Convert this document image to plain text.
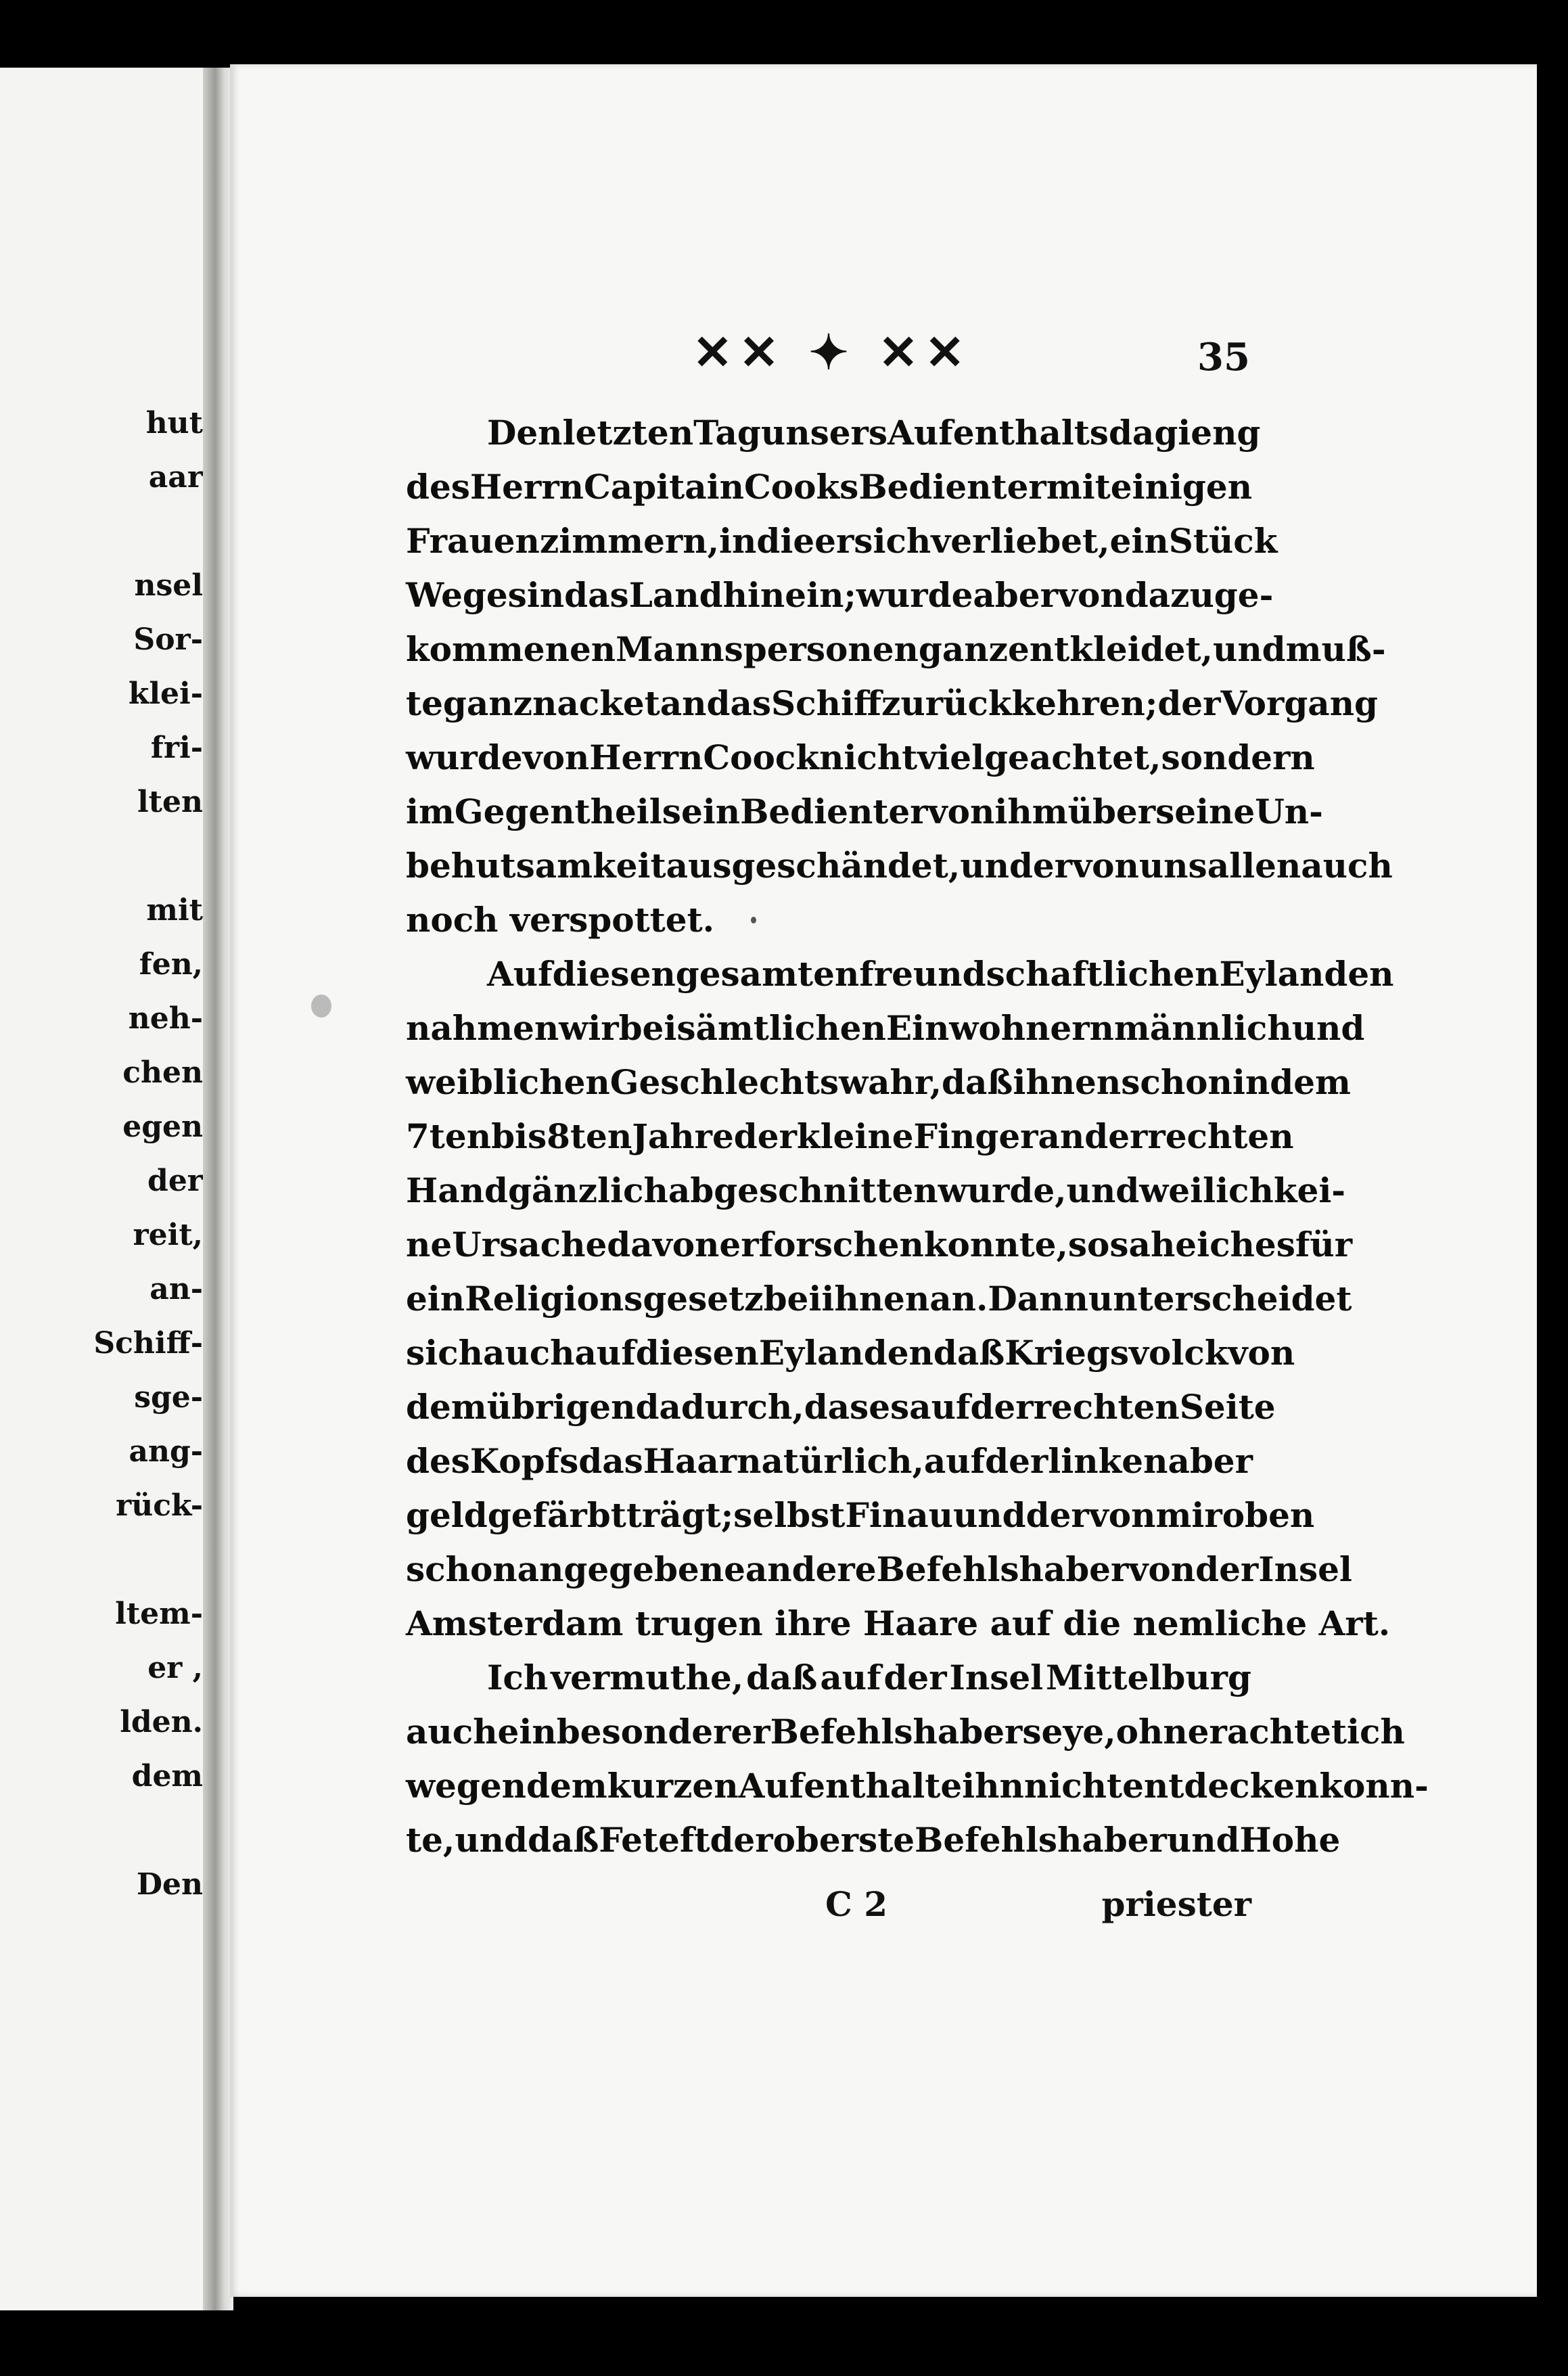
hut
aar
nsel
Sor-
klei-
fri-
lten
mit
fen,
neh-
chen
egen
der
reit,
an-
Schiff-
sge-
ang-
rück-
ltem-
er ,
lden.
dem
Den
✕✕ ✦ ✕✕	35
Den letzten Tag unsers Aufenthalts da gieng
des Herrn Capitain Cooks Bedienter mit einigen
Frauenzimmern, in die er sich verliebet, ein Stück
Weges in das Land hinein; wurde aber von dazu ge-
kommenen Mannspersonen ganz entkleidet, und muß-
te ganz nacket an das Schiff zurückkehren; der Vorgang
wurde von Herrn Coock nicht viel geachtet, sondern
im Gegentheil sein Bedienter von ihm über seine Un-
behutsamkeit ausgeschändet, und er von uns allen auch
noch verspottet.
Auf diesen gesamten freundschaftlichen Eylanden
nahmen wir bei sämtlichen Einwohnern männlich und
weiblichen Geschlechts wahr, daß ihnen schon in dem
7ten bis 8ten Jahre der kleine Finger an der rechten
Hand gänzlich abgeschnitten wurde, und weil ich kei-
ne Ursache davon erforschen konnte, so sahe ich es für
ein Religionsgesetz bei ihnen an. Dann unterscheidet
sich auch auf diesen Eylanden daß Kriegsvolck von
dem übrigen dadurch, das es auf der rechten Seite
des Kopfs das Haar natürlich, auf der linken aber
geld gefärbt trägt; selbst Finau und der von mir oben
schon angegebene andere Befehlshaber von der Insel
Amsterdam trugen ihre Haare auf die nemliche Art.
Ich vermuthe, daß auf der Insel Mittelburg
auch ein besonderer Befehlshaber seye, ohnerachtet ich
wegen dem kurzen Aufenthalte ihn nicht entdecken konn-
te, und daß Feteft der oberste Befehlshaber und Hohe
C 2	priester
